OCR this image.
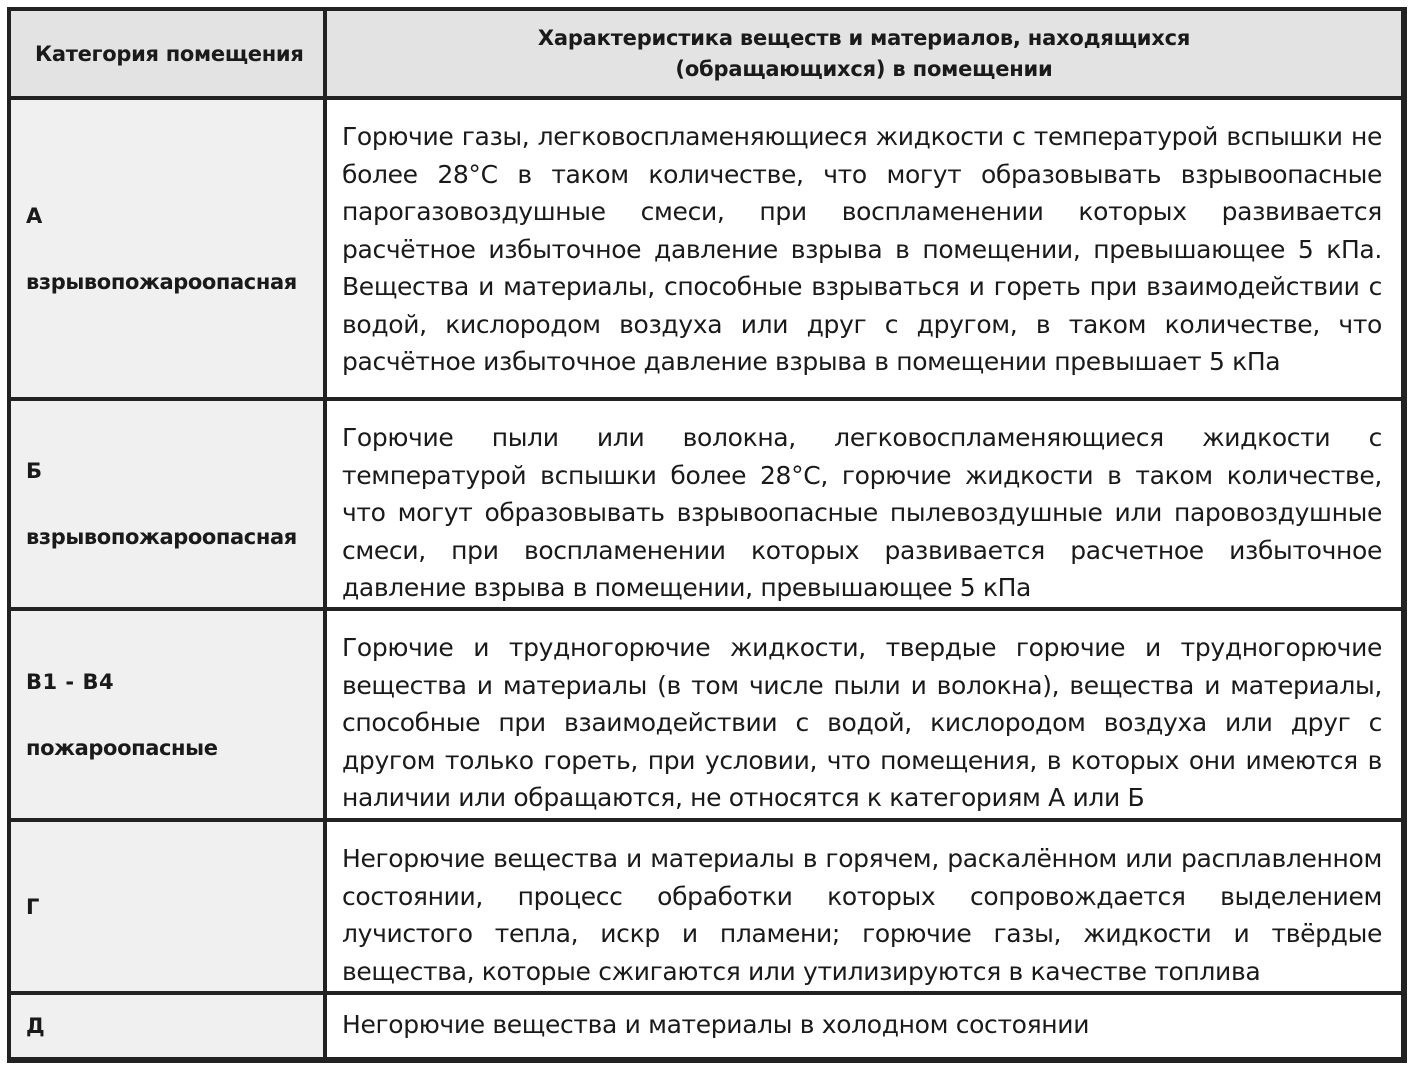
Категория помещения
Характеристика веществ и материалов, находящихся
(обращающихся) в помещении
А
взрывопожароопасная
Горючие газы, легковоспламеняющиеся жидкости с температурой вспышки не более 28°С в таком количестве, что могут образовывать взрывоопасные парогазовоздушные смеси, при воспламенении которых развивается расчётное избыточное давление взрыва в помещении, превышающее 5 кПа. Вещества и материалы, способные взрываться и гореть при взаимодействии с водой, кислородом воздуха или друг с другом, в таком количестве, что расчётное избыточное давление взрыва в помещении превышает 5 кПа
Б
взрывопожароопасная
Горючие пыли или волокна, легковоспламеняющиеся жидкости с температурой вспышки более 28°С, горючие жидкости в таком количестве, что могут образовывать взрывоопасные пылевоздушные или паровоздушные смеси, при воспламенении которых развивается расчетное избыточное давление взрыва в помещении, превышающее 5 кПа
В1 - В4
пожароопасные
Горючие и трудногорючие жидкости, твердые горючие и трудногорючие вещества и материалы (в том числе пыли и волокна), вещества и материалы, способные при взаимодействии с водой, кислородом воздуха или друг с другом только гореть, при условии, что помещения, в которых они имеются в наличии или обращаются, не относятся к категориям А или Б
Г
Негорючие вещества и материалы в горячем, раскалённом или расплавленном состоянии, процесс обработки которых сопровождается выделением лучистого тепла, искр и пламени; горючие газы, жидкости и твёрдые вещества, которые сжигаются или утилизируются в качестве топлива
Д	Негорючие вещества и материалы в холодном состоянии
